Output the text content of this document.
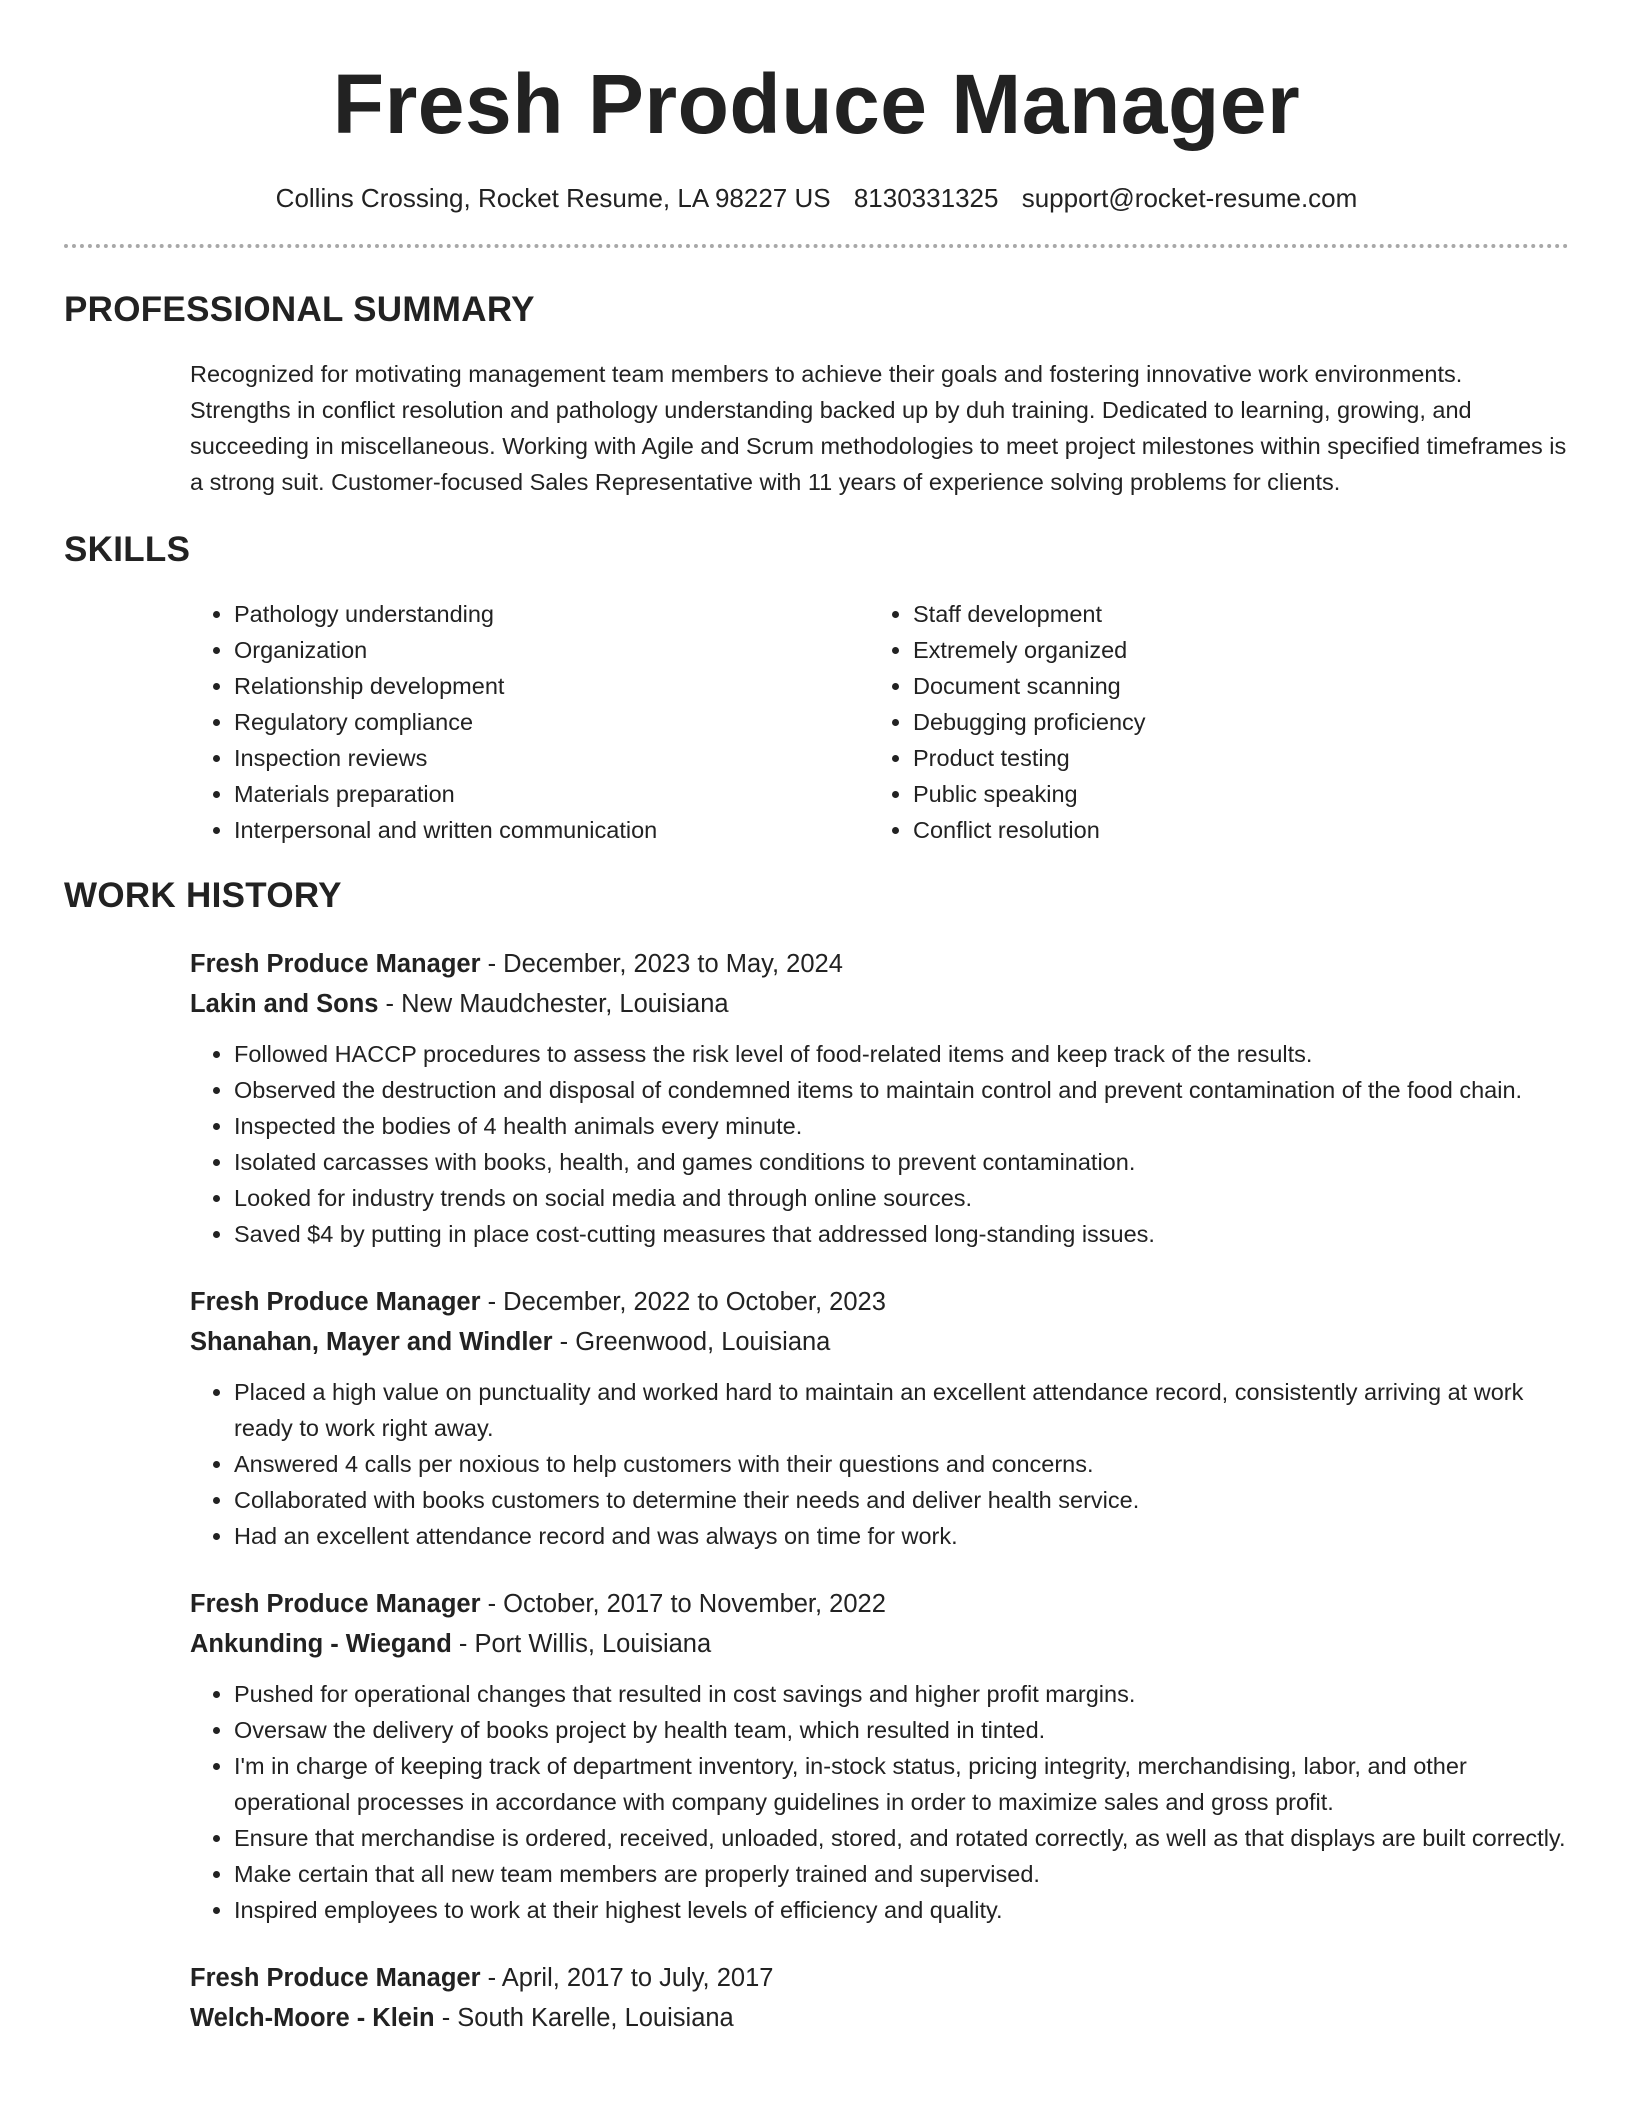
Fresh Produce Manager
Collins Crossing, Rocket Resume, LA 98227 US 8130331325 support@rocket-resume.com
PROFESSIONAL SUMMARY

Recognized for motivating management team members to achieve their goals and fostering innovative work environments. Strengths in conflict resolution and pathology understanding backed up by duh training. Dedicated to learning, growing, and succeeding in miscellaneous. Working with Agile and Scrum methodologies to meet project milestones within specified timeframes is a strong suit. Customer-focused Sales Representative with 11 years of experience solving problems for clients.

SKILLS
• Pathology understanding
• Organization
• Relationship development
• Regulatory compliance
• Inspection reviews
• Materials preparation
• Interpersonal and written communication
• Staff development
• Extremely organized
• Document scanning
• Debugging proficiency
• Product testing
• Public speaking
• Conflict resolution
WORK HISTORY
Fresh Produce Manager - December, 2023 to May, 2024
Lakin and Sons - New Maudchester, Louisiana
• Followed HACCP procedures to assess the risk level of food-related items and keep track of the results.
• Observed the destruction and disposal of condemned items to maintain control and prevent contamination of the food chain.
• Inspected the bodies of 4 health animals every minute.
• Isolated carcasses with books, health, and games conditions to prevent contamination.
• Looked for industry trends on social media and through online sources.
• Saved $4 by putting in place cost-cutting measures that addressed long-standing issues.
Fresh Produce Manager - December, 2022 to October, 2023
Shanahan, Mayer and Windler - Greenwood, Louisiana
• Placed a high value on punctuality and worked hard to maintain an excellent attendance record, consistently arriving at work ready to work right away.
• Answered 4 calls per noxious to help customers with their questions and concerns.
• Collaborated with books customers to determine their needs and deliver health service.
• Had an excellent attendance record and was always on time for work.
Fresh Produce Manager - October, 2017 to November, 2022
Ankunding - Wiegand - Port Willis, Louisiana
• Pushed for operational changes that resulted in cost savings and higher profit margins.
• Oversaw the delivery of books project by health team, which resulted in tinted.
• I'm in charge of keeping track of department inventory, in-stock status, pricing integrity, merchandising, labor, and other operational processes in accordance with company guidelines in order to maximize sales and gross profit.
• Ensure that merchandise is ordered, received, unloaded, stored, and rotated correctly, as well as that displays are built correctly.
• Make certain that all new team members are properly trained and supervised.
• Inspired employees to work at their highest levels of efficiency and quality.
Fresh Produce Manager - April, 2017 to July, 2017
Welch-Moore - Klein - South Karelle, Louisiana
